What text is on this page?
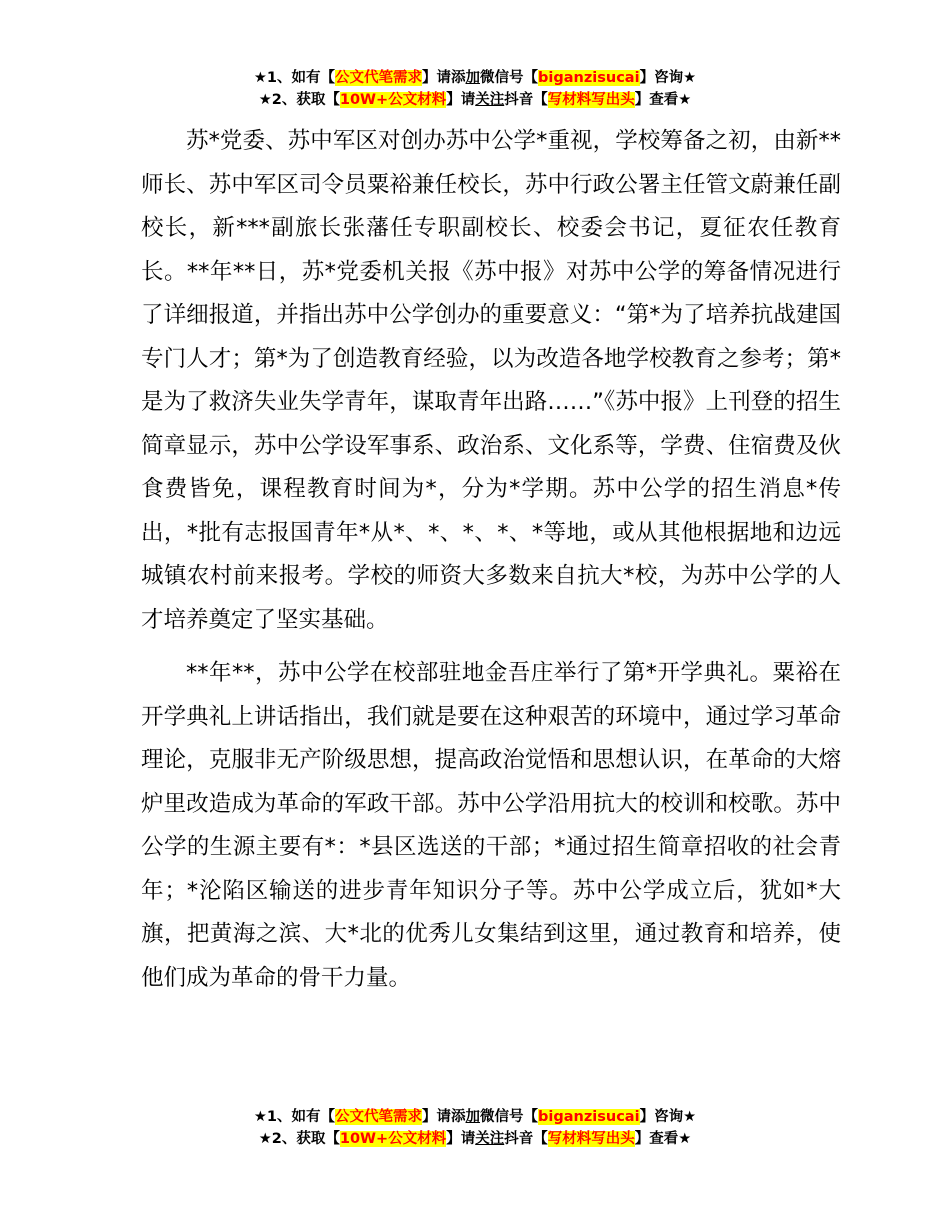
★1、如有【公文代笔需求】请添加微信号【biganzisucai】咨询★
★2、获取【10W+公文材料】请关注抖音【写材料写出头】查看★

苏*党委、苏中军区对创办苏中公学*重视，学校筹备之初，由新**师长、苏中军区司令员粟裕兼任校长，苏中行政公署主任管文蔚兼任副校长，新***副旅长张藩任专职副校长、校委会书记，夏征农任教育长。**年**日，苏*党委机关报《苏中报》对苏中公学的筹备情况进行了详细报道，并指出苏中公学创办的重要意义：“第*为了培养抗战建国专门人才；第*为了创造教育经验，以为改造各地学校教育之参考；第*是为了救济失业失学青年，谋取青年出路……”《苏中报》上刊登的招生简章显示，苏中公学设军事系、政治系、文化系等，学费、住宿费及伙食费皆免，课程教育时间为*，分为*学期。苏中公学的招生消息*传出，*批有志报国青年*从*、*、*、*、*等地，或从其他根据地和边远城镇农村前来报考。学校的师资大多数来自抗大*校，为苏中公学的人才培养奠定了坚实基础。

**年**，苏中公学在校部驻地金吾庄举行了第*开学典礼。粟裕在开学典礼上讲话指出，我们就是要在这种艰苦的环境中，通过学习革命理论，克服非无产阶级思想，提高政治觉悟和思想认识，在革命的大熔炉里改造成为革命的军政干部。苏中公学沿用抗大的校训和校歌。苏中公学的生源主要有*：*县区选送的干部；*通过招生简章招收的社会青年；*沦陷区输送的进步青年知识分子等。苏中公学成立后，犹如*大旗，把黄海之滨、大*北的优秀儿女集结到这里，通过教育和培养，使他们成为革命的骨干力量。

★1、如有【公文代笔需求】请添加微信号【biganzisucai】咨询★
★2、获取【10W+公文材料】请关注抖音【写材料写出头】查看★
